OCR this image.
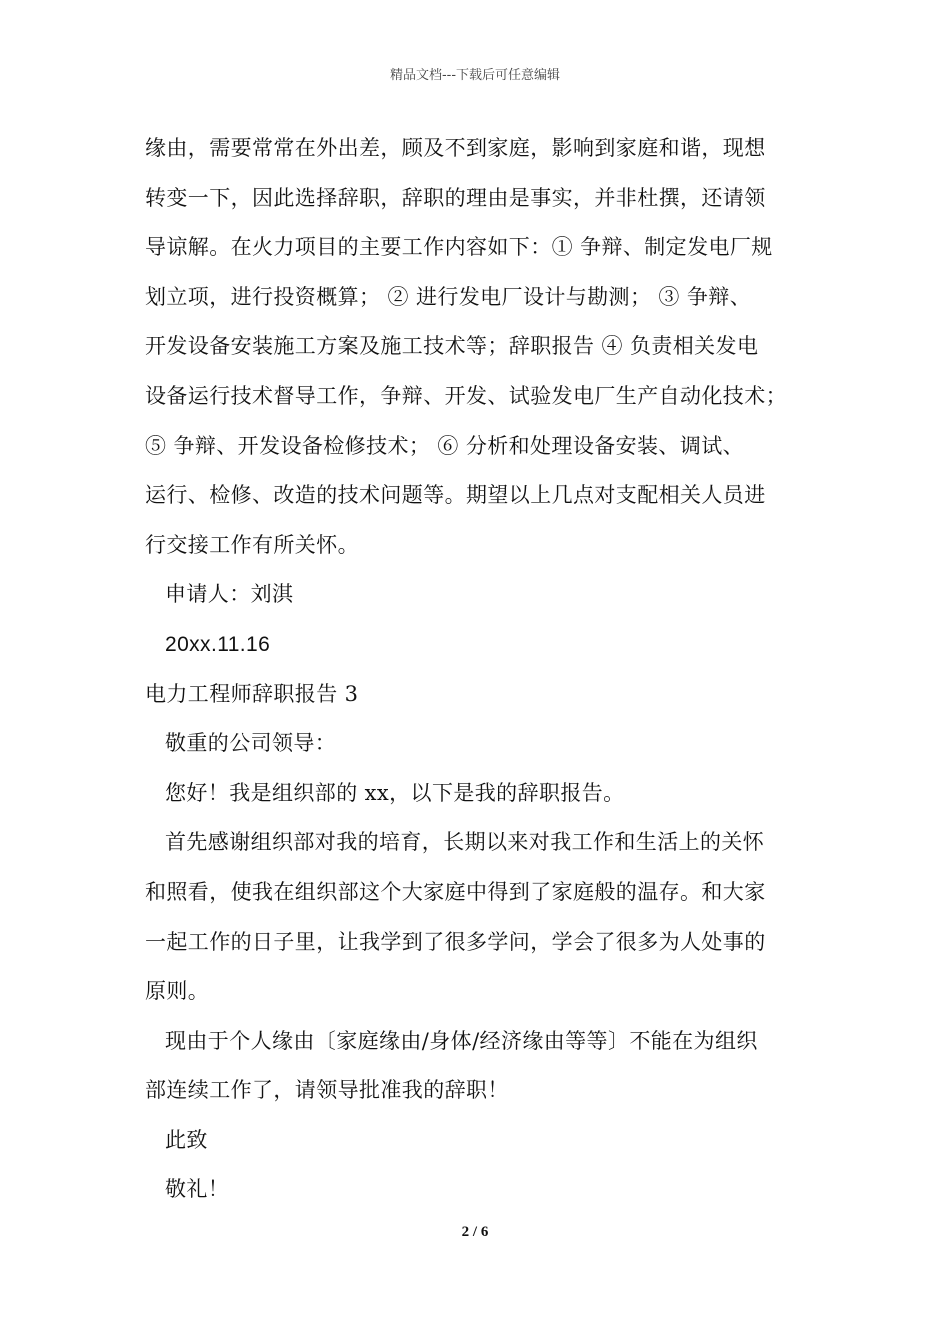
精品文档---下载后可任意编辑
缘由，需要常常在外出差，顾及不到家庭，影响到家庭和谐，现想
转变一下，因此选择辞职，辞职的理由是事实，并非杜撰，还请领
导谅解。在火力项目的主要工作内容如下：① 争辩、制定发电厂规
划立项，进行投资概算； ② 进行发电厂设计与勘测； ③ 争辩、
开发设备安装施工方案及施工技术等；辞职报告 ④ 负责相关发电
设备运行技术督导工作，争辩、开发、试验发电厂生产自动化技术；
⑤ 争辩、开发设备检修技术； ⑥ 分析和处理设备安装、调试、
运行、检修、改造的技术问题等。期望以上几点对支配相关人员进
行交接工作有所关怀。
申请人：刘淇
20xx.11.16
电力工程师辞职报告 3
敬重的公司领导：
您好！我是组织部的 xx，以下是我的辞职报告。
首先感谢组织部对我的培育，长期以来对我工作和生活上的关怀
和照看，使我在组织部这个大家庭中得到了家庭般的温存。和大家
一起工作的日子里，让我学到了很多学问，学会了很多为人处事的
原则。
现由于个人缘由〔家庭缘由/身体/经济缘由等等〕不能在为组织
部连续工作了，请领导批准我的辞职！
此致
敬礼！
2 / 6
